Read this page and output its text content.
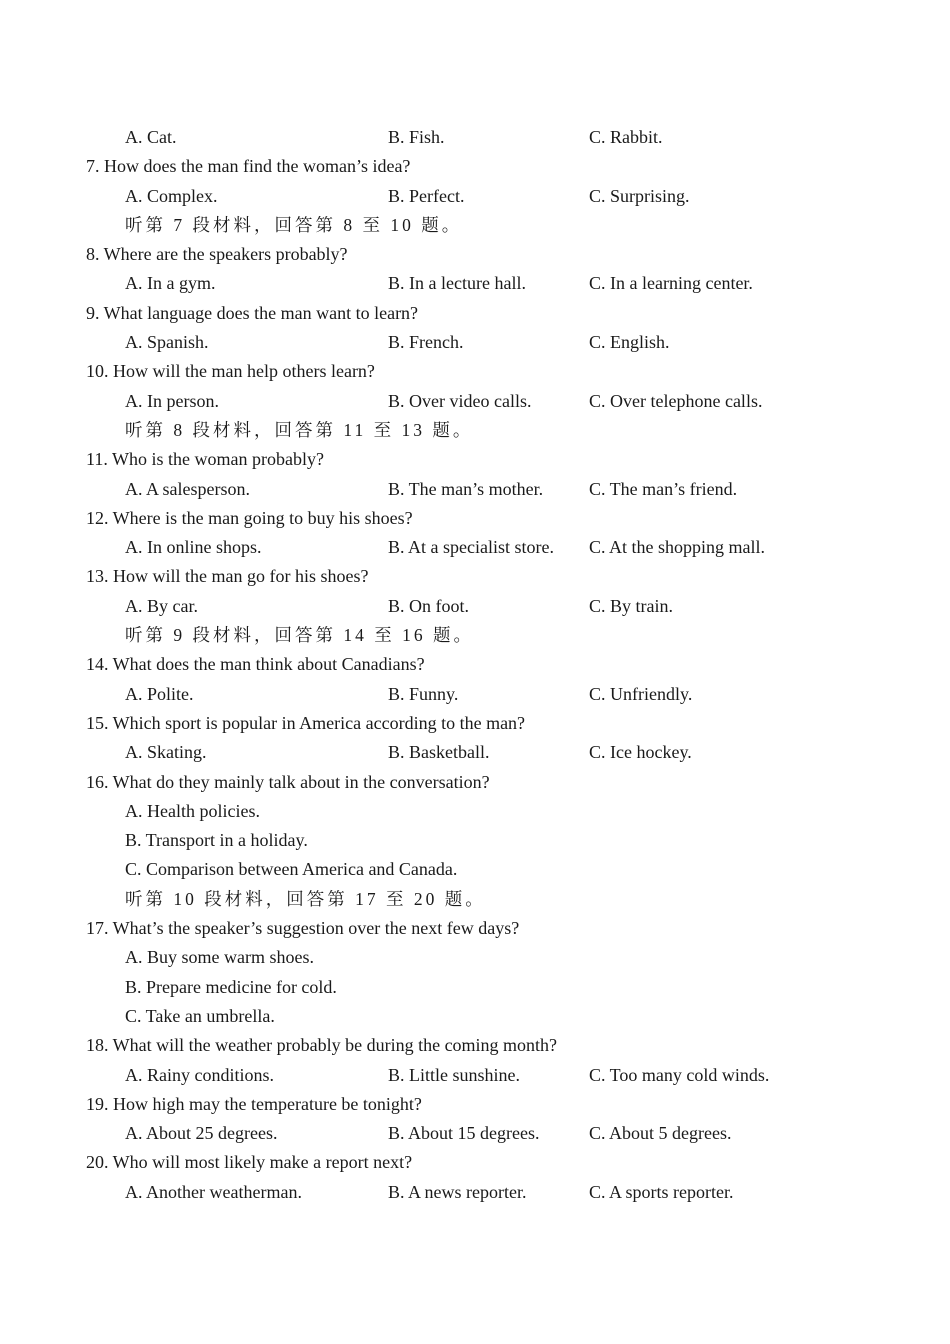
A. Cat.	B. Fish.	C. Rabbit.
7. How does the man find the woman’s idea?
A. Complex.	B. Perfect.	C. Surprising.
听第 7 段材料，回答第 8 至 10 题。
8. Where are the speakers probably?
A. In a gym.	B. In a lecture hall.	C. In a learning center.
9. What language does the man want to learn?
A. Spanish.	B. French.	C. English.
10. How will the man help others learn?
A. In person.	B. Over video calls.	C. Over telephone calls.
听第 8 段材料，回答第 11 至 13 题。
11. Who is the woman probably?
A. A salesperson.	B. The man’s mother.	C. The man’s friend.
12. Where is the man going to buy his shoes?
A. In online shops.	B. At a specialist store. C. At the shopping mall.
13. How will the man go for his shoes?
A. By car.	B. On foot.	C. By train.
听第 9 段材料，回答第 14 至 16 题。
14. What does the man think about Canadians?
A. Polite.	B. Funny.	C. Unfriendly.
15. Which sport is popular in America according to the man?
A. Skating.	B. Basketball.	C. Ice hockey.
16. What do they mainly talk about in the conversation?
A. Health policies.
B. Transport in a holiday.
C. Comparison between America and Canada.
听第 10 段材料，回答第 17 至 20 题。
17. What’s the speaker’s suggestion over the next few days?
A. Buy some warm shoes.
B. Prepare medicine for cold.
C. Take an umbrella.
18. What will the weather probably be during the coming month?
A. Rainy conditions.	B. Little sunshine.	C. Too many cold winds.
19. How high may the temperature be tonight?
A. About 25 degrees.	B. About 15 degrees.	C. About 5 degrees.
20. Who will most likely make a report next?
A. Another weatherman.	B. A news reporter.	C. A sports reporter.
